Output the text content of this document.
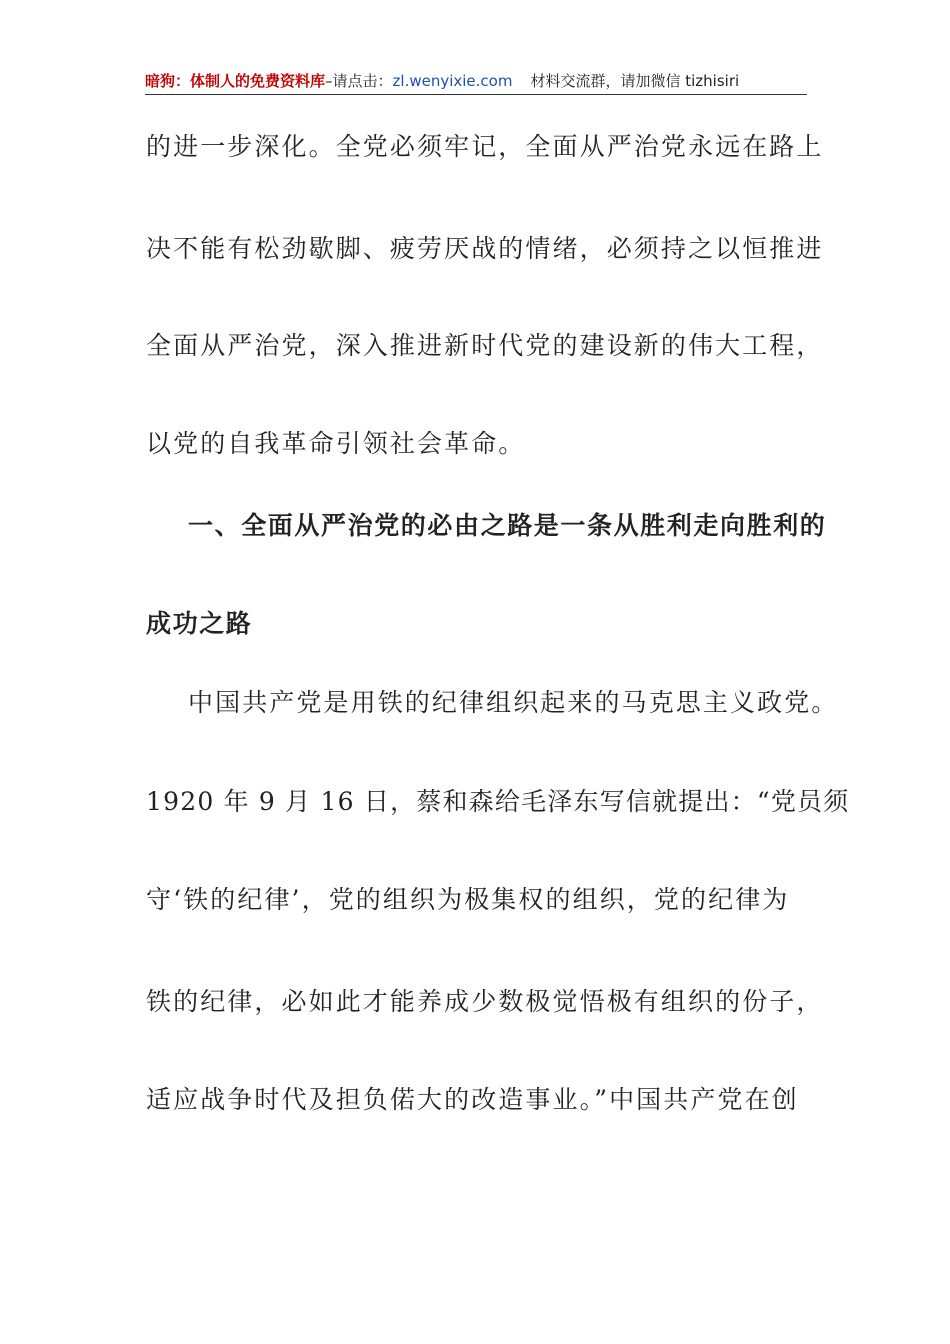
暗狗：体制人的免费资料库–请点击：zl.wenyixie.com 材料交流群，请加微信 tizhisiri
的进一步深化。全党必须牢记，全面从严治党永远在路上
决不能有松劲歇脚、疲劳厌战的情绪，必须持之以恒推进
全面从严治党，深入推进新时代党的建设新的伟大工程，
以党的自我革命引领社会革命。
一、全面从严治党的必由之路是一条从胜利走向胜利的
成功之路
中国共产党是用铁的纪律组织起来的马克思主义政党。
1920 年 9 月 16 日，蔡和森给毛泽东写信就提出：“党员须
守‘铁的纪律’，党的组织为极集权的组织，党的纪律为
铁的纪律，必如此才能养成少数极觉悟极有组织的份子，
适应战争时代及担负偌大的改造事业。”中国共产党在创
